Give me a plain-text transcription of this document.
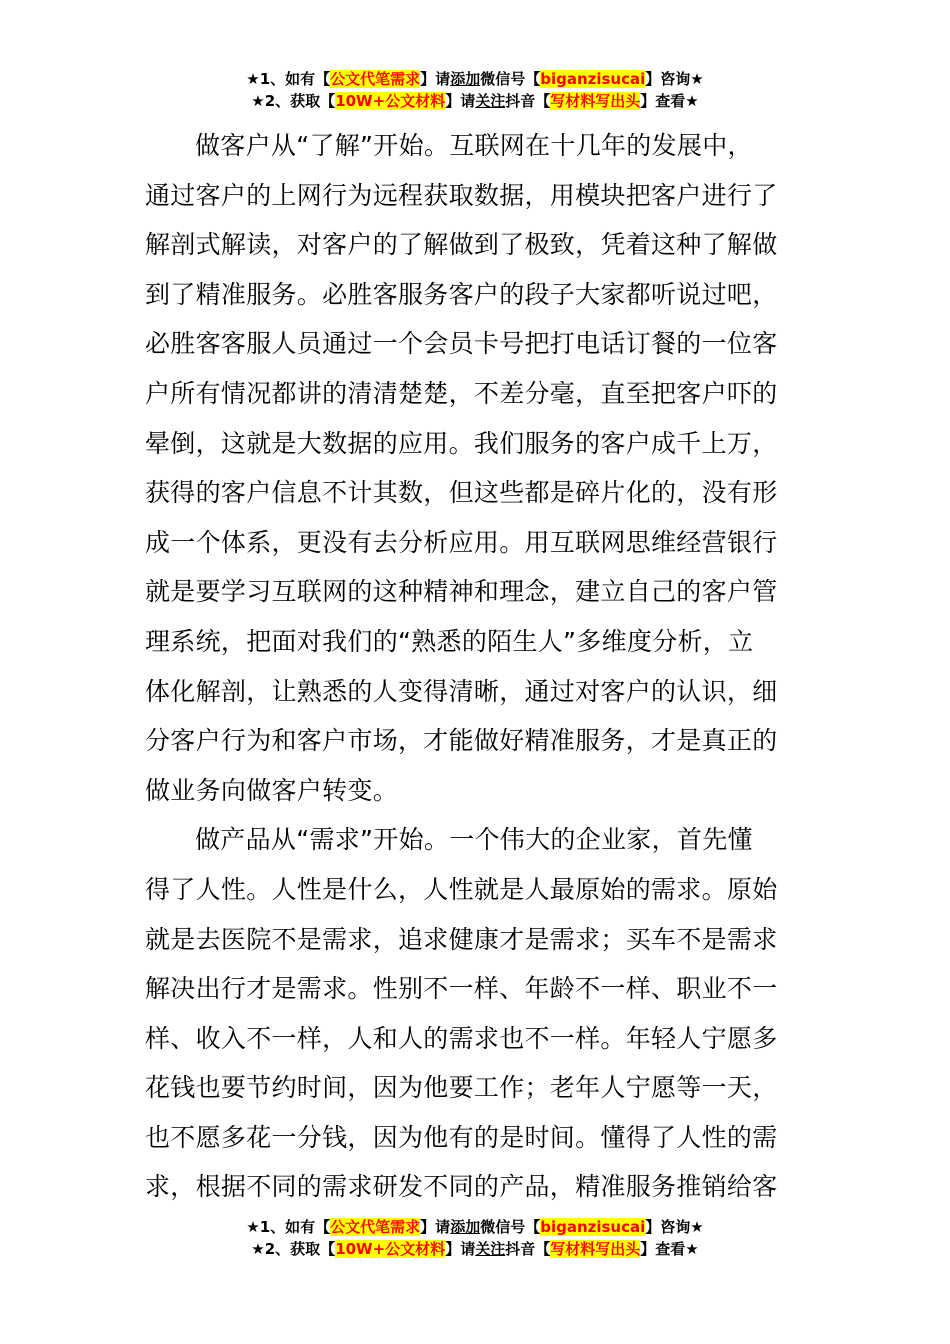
★1、如有【公文代笔需求】请添加微信号【biganzisucai】咨询★
★2、获取【10W+公文材料】请关注抖音【写材料写出头】查看★
做客户从“了解”开始。互联网在十几年的发展中，
通过客户的上网行为远程获取数据，用模块把客户进行了
解剖式解读，对客户的了解做到了极致，凭着这种了解做
到了精准服务。必胜客服务客户的段子大家都听说过吧，
必胜客客服人员通过一个会员卡号把打电话订餐的一位客
户所有情况都讲的清清楚楚，不差分毫，直至把客户吓的
晕倒，这就是大数据的应用。我们服务的客户成千上万，
获得的客户信息不计其数，但这些都是碎片化的，没有形
成一个体系，更没有去分析应用。用互联网思维经营银行
就是要学习互联网的这种精神和理念，建立自己的客户管
理系统，把面对我们的“熟悉的陌生人”多维度分析，立
体化解剖，让熟悉的人变得清晰，通过对客户的认识，细
分客户行为和客户市场，才能做好精准服务，才是真正的
做业务向做客户转变。
做产品从“需求”开始。一个伟大的企业家，首先懂
得了人性。人性是什么，人性就是人最原始的需求。原始
就是去医院不是需求，追求健康才是需求；买车不是需求
解决出行才是需求。性别不一样、年龄不一样、职业不一
样、收入不一样，人和人的需求也不一样。年轻人宁愿多
花钱也要节约时间，因为他要工作；老年人宁愿等一天，
也不愿多花一分钱，因为他有的是时间。懂得了人性的需
求，根据不同的需求研发不同的产品，精准服务推销给客
★1、如有【公文代笔需求】请添加微信号【biganzisucai】咨询★
★2、获取【10W+公文材料】请关注抖音【写材料写出头】查看★
